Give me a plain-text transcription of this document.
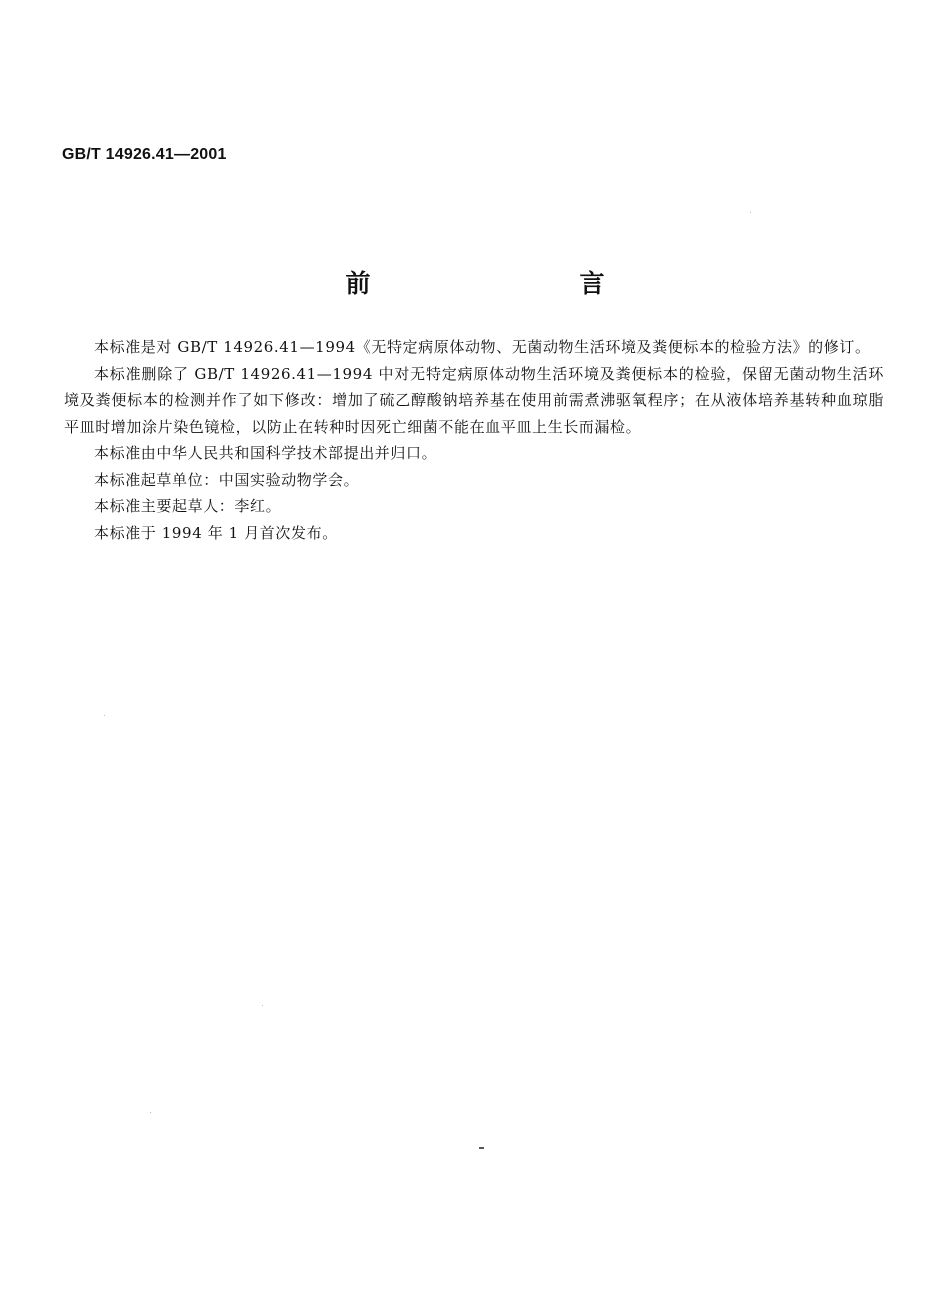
GB/T 14926.41—2001
前　言

本标准是对 GB/T 14926.41—1994《无特定病原体动物、无菌动物生活环境及粪便标本的检验方法》的修订。

本标准删除了 GB/T 14926.41—1994 中对无特定病原体动物生活环境及粪便标本的检验，保留无菌动物生活环境及粪便标本的检测并作了如下修改：增加了硫乙醇酸钠培养基在使用前需煮沸驱氧程序；在从液体培养基转种血琼脂平皿时增加涂片染色镜检，以防止在转种时因死亡细菌不能在血平皿上生长而漏检。

本标准由中华人民共和国科学技术部提出并归口。

本标准起草单位：中国实验动物学会。

本标准主要起草人：李红。

本标准于 1994 年 1 月首次发布。
